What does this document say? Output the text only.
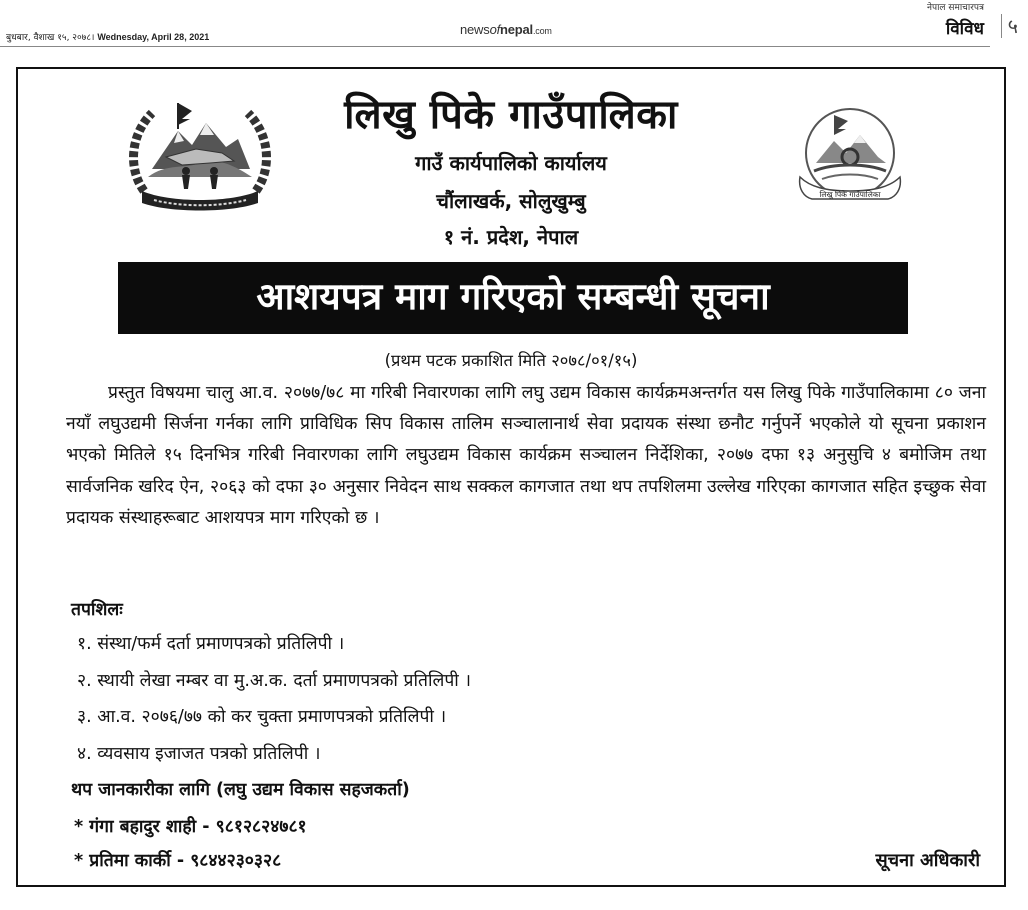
बुधबार, वैशाख १५, २०७८। Wednesday, April 28, 2021	newsofnepal.com
नेपाल समाचारपत्र
विविध	५
लिखु पिके गाउँपालिका
गाउँ कार्यपालिको कार्यालय
चौंलाखर्क, सोलुखुम्बु
१ नं. प्रदेश, नेपाल
लिखु पिके गाउँपालिका
आशयपत्र माग गरिएको सम्बन्धी सूचना
(प्रथम पटक प्रकाशित मिति २०७८/०१/१५)

प्रस्तुत विषयमा चालु आ.व. २०७७/७८ मा गरिबी निवारणका लागि लघु उद्यम विकास कार्यक्रमअन्तर्गत यस लिखु पिके गाउँपालिकामा ८० जना नयाँ लघुउद्यमी सिर्जना गर्नका लागि प्राविधिक सिप विकास तालिम सञ्चालानार्थ सेवा प्रदायक संस्था छनौट गर्नुपर्ने भएकोले यो सूचना प्रकाशन भएको मितिले १५ दिनभित्र गरिबी निवारणका लागि लघुउद्यम विकास कार्यक्रम सञ्चालन निर्देशिका, २०७७ दफा १३ अनुसुचि ४ बमोजिम तथा सार्वजनिक खरिद ऐन, २०६३ को दफा ३० अनुसार निवेदन साथ सक्कल कागजात तथा थप तपशिलमा उल्लेख गरिएका कागजात सहित इच्छुक सेवा प्रदायक संस्थाहरूबाट आशयपत्र माग गरिएको छ ।

तपशिलः
१. संस्था/फर्म दर्ता प्रमाणपत्रको प्रतिलिपी ।
२. स्थायी लेखा नम्बर वा मु.अ.क. दर्ता प्रमाणपत्रको प्रतिलिपी ।
३. आ.व. २०७६/७७ को कर चुक्ता प्रमाणपत्रको प्रतिलिपी ।
४. व्यवसाय इजाजत पत्रको प्रतिलिपी ।
थप जानकारीका लागि (लघु उद्यम विकास सहजकर्ता)
* गंगा बहादुर शाही - ९८१२८२४७८१
* प्रतिमा कार्की - ९८४४२३०३२८	सूचना अधिकारी
